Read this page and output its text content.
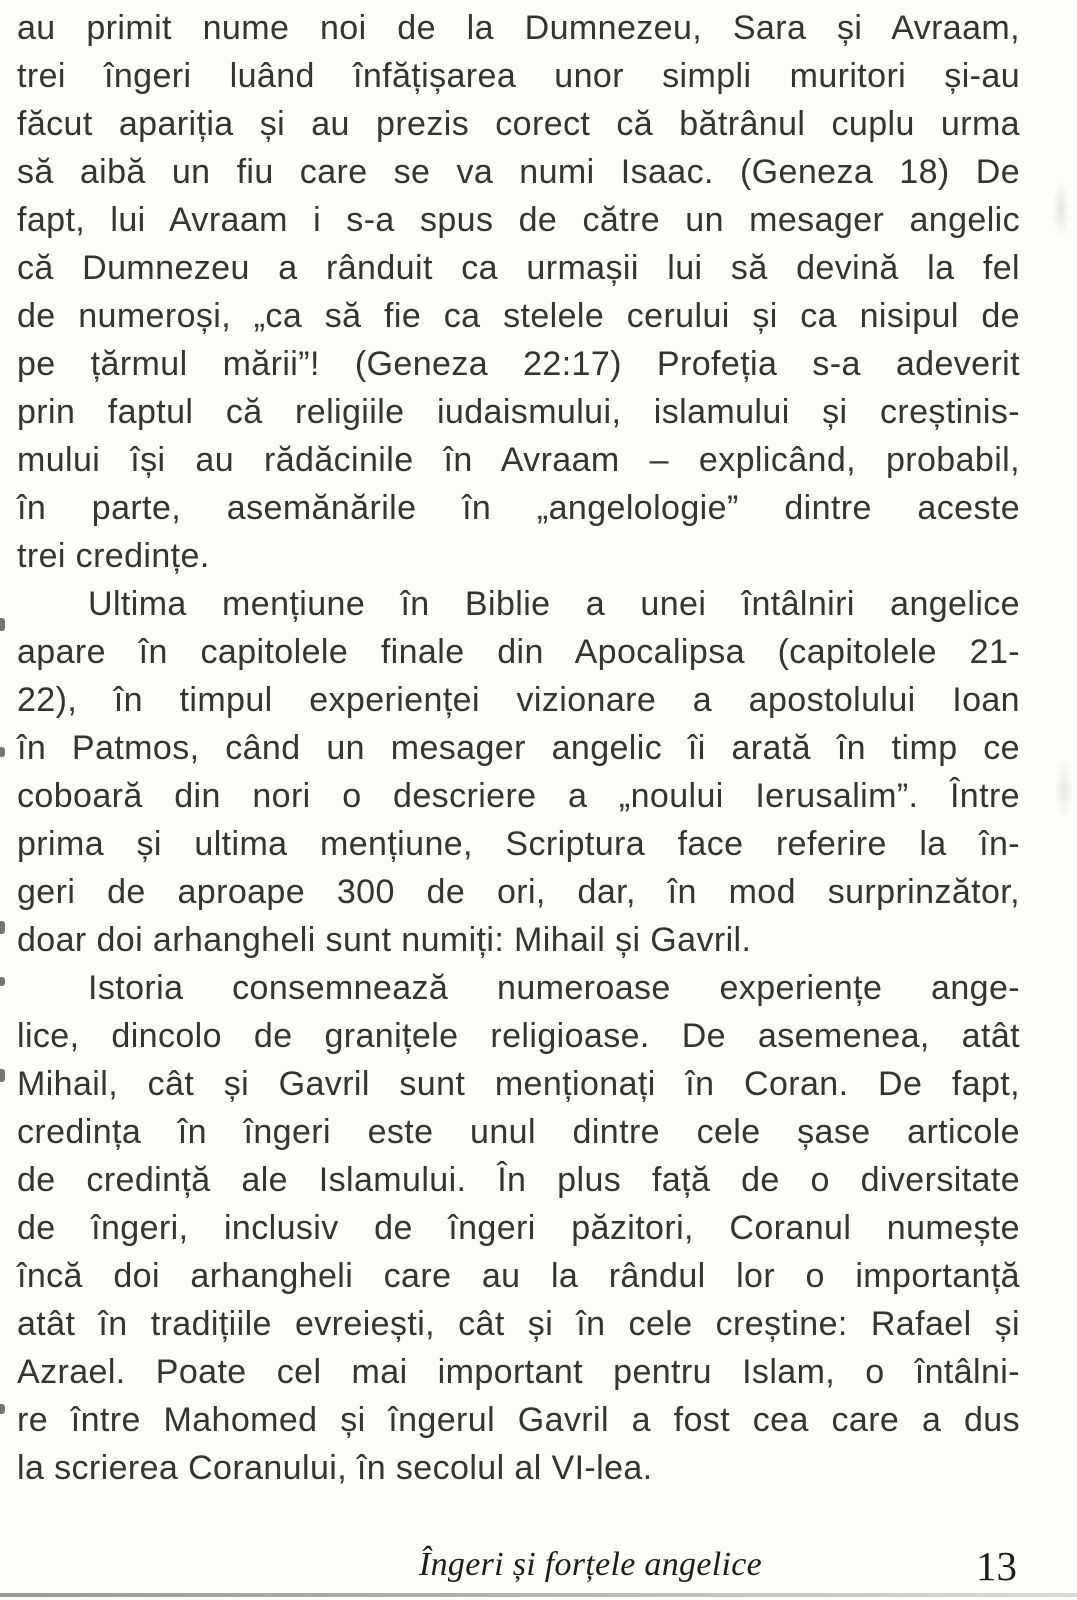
au primit nume noi de la Dumnezeu, Sara și Avraam,
trei îngeri luând înfățișarea unor simpli muritori și-au
făcut apariția și au prezis corect că bătrânul cuplu urma
să aibă un fiu care se va numi Isaac. (Geneza 18) De
fapt, lui Avraam i s-a spus de către un mesager angelic
că Dumnezeu a rânduit ca urmașii lui să devină la fel
de numeroși, „ca să fie ca stelele cerului și ca nisipul de
pe țărmul mării”! (Geneza 22:17) Profeția s-a adeverit
prin faptul că religiile iudaismului, islamului și creștinis-
mului își au rădăcinile în Avraam – explicând, probabil,
în parte, asemănările în „angelologie” dintre aceste
trei credințe.
Ultima mențiune în Biblie a unei întâlniri angelice
apare în capitolele finale din Apocalipsa (capitolele 21-
22), în timpul experienței vizionare a apostolului Ioan
în Patmos, când un mesager angelic îi arată în timp ce
coboară din nori o descriere a „noului Ierusalim”. Între
prima și ultima mențiune, Scriptura face referire la în-
geri de aproape 300 de ori, dar, în mod surprinzător,
doar doi arhangheli sunt numiți: Mihail și Gavril.
Istoria consemnează numeroase experiențe ange-
lice, dincolo de granițele religioase. De asemenea, atât
Mihail, cât și Gavril sunt menționați în Coran. De fapt,
credința în îngeri este unul dintre cele șase articole
de credință ale Islamului. În plus față de o diversitate
de îngeri, inclusiv de îngeri păzitori, Coranul numește
încă doi arhangheli care au la rândul lor o importanță
atât în tradițiile evreiești, cât și în cele creștine: Rafael și
Azrael. Poate cel mai important pentru Islam, o întâlni-
re între Mahomed și îngerul Gavril a fost cea care a dus
la scrierea Coranului, în secolul al VI-lea.
Îngeri și forțele angelice	13
